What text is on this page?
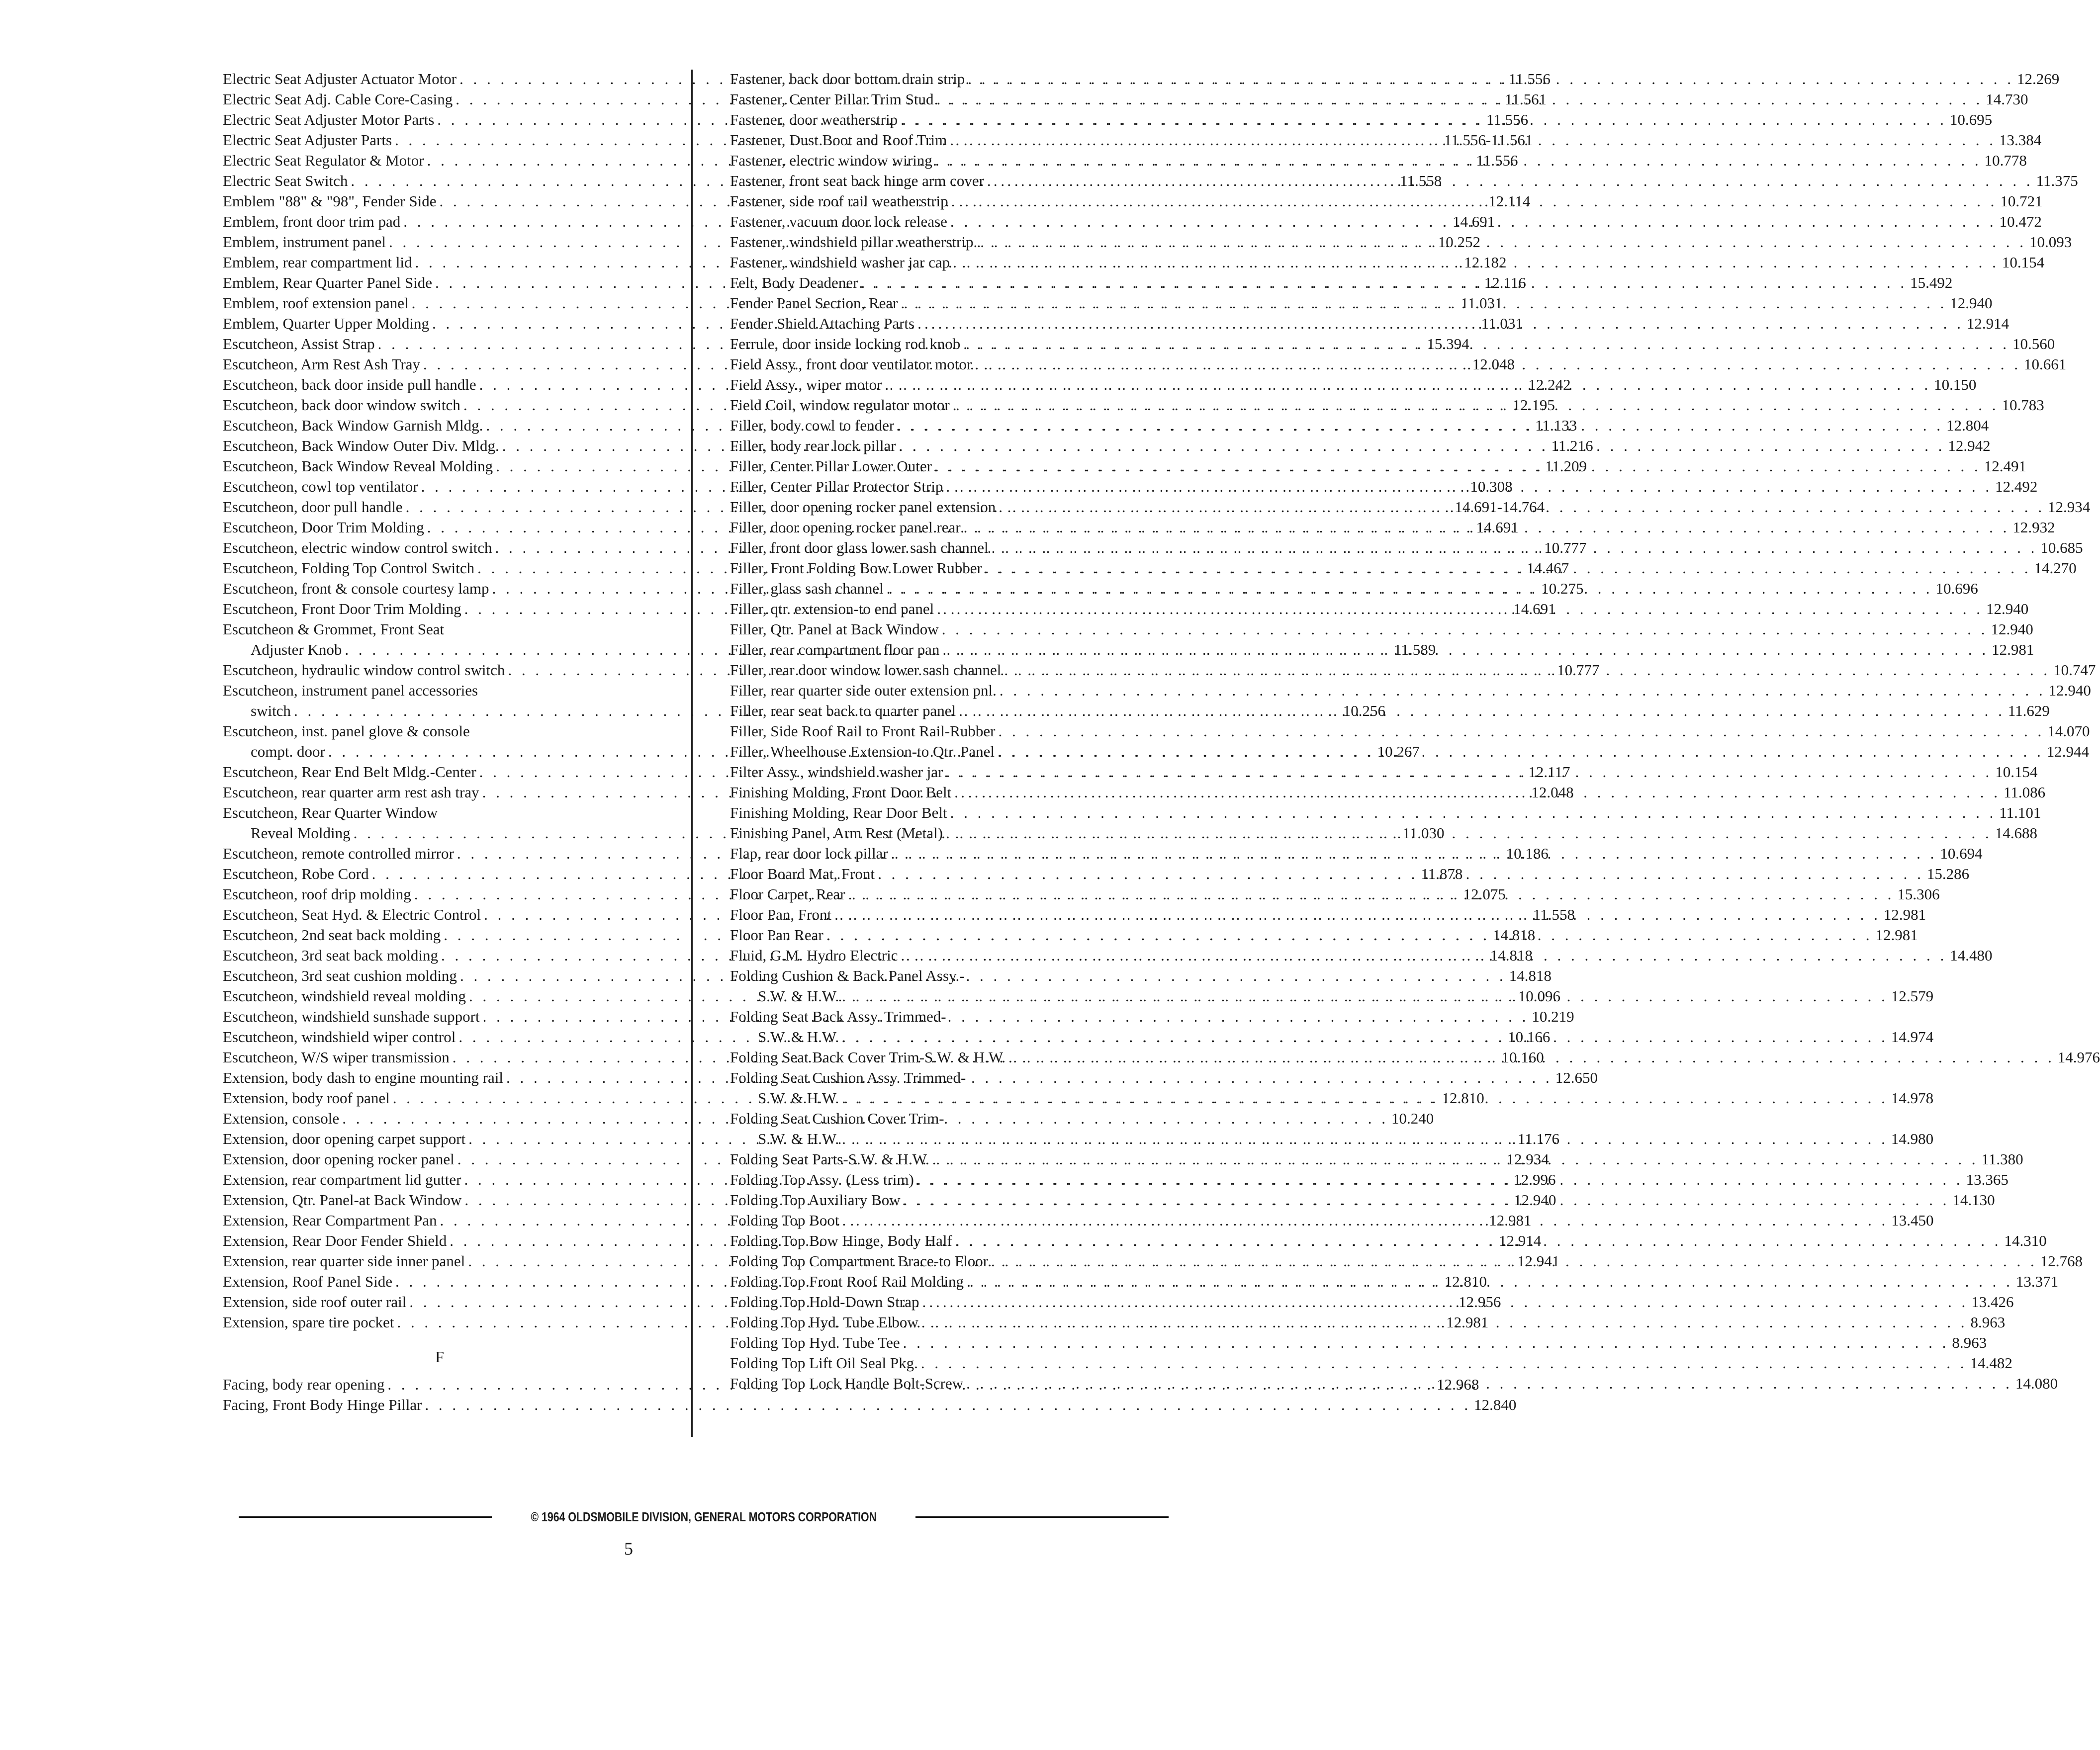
Electric Seat Adjuster Actuator Motor . . .	11.556
Electric Seat Adj. Cable Core-Casing . . .	11.561
Electric Seat Adjuster Motor Parts . . .	11.556
Electric Seat Adjuster Parts . . .	11.556-11.561
Electric Seat Regulator & Motor . . .	11.556
Electric Seat Switch . . .	11.558
Emblem "88" & "98", Fender Side . . .	12.114
Emblem, front door trim pad . . .	14.691
Emblem, instrument panel . . .	10.252
Emblem, rear compartment lid . . .	12.182
Emblem, Rear Quarter Panel Side . . .	12.116
Emblem, roof extension panel . . .	11.031
Emblem, Quarter Upper Molding . . .	11.031
Escutcheon, Assist Strap . . .	15.394
Escutcheon, Arm Rest Ash Tray . . .	12.048
Escutcheon, back door inside pull handle . . .	12.242
Escutcheon, back door window switch . . .	12.195
Escutcheon, Back Window Garnish Mldg. . . .	11.133
Escutcheon, Back Window Outer Div. Mldg. . . .	11.216
Escutcheon, Back Window Reveal Molding . . .	11.209
Escutcheon, cowl top ventilator . . .	10.308
Escutcheon, door pull handle . . .	14.691-14.764
Escutcheon, Door Trim Molding . . .	14.691
Escutcheon, electric window control switch . . .	10.777
Escutcheon, Folding Top Control Switch . . .	14.467
Escutcheon, front & console courtesy lamp . . .	10.275
Escutcheon, Front Door Trim Molding . . .	14.691
Escutcheon & Grommet, Front Seat
Adjuster Knob . . .	11.589
Escutcheon, hydraulic window control switch . . .	10.777
Escutcheon, instrument panel accessories
switch . . .	10.256
Escutcheon, inst. panel glove & console
compt. door . . .	10.267
Escutcheon, Rear End Belt Mldg.-Center . . .	12.117
Escutcheon, rear quarter arm rest ash tray . . .	12.048
Escutcheon, Rear Quarter Window
Reveal Molding . . .	11.030
Escutcheon, remote controlled mirror . . .	10.186
Escutcheon, Robe Cord . . .	11.878
Escutcheon, roof drip molding . . .	12.075
Escutcheon, Seat Hyd. & Electric Control . . .	11.558
Escutcheon, 2nd seat back molding . . .	14.818
Escutcheon, 3rd seat back molding . . .	14.818
Escutcheon, 3rd seat cushion molding . . .	14.818
Escutcheon, windshield reveal molding . . .	10.096
Escutcheon, windshield sunshade support . . .	10.219
Escutcheon, windshield wiper control . . .	10.166
Escutcheon, W/S wiper transmission . . .	10.160
Extension, body dash to engine mounting rail . . .	12.650
Extension, body roof panel . . .	12.810
Extension, console . . .	10.240
Extension, door opening carpet support . . .	11.176
Extension, door opening rocker panel . . .	12.934
Extension, rear compartment lid gutter . . .	12.996
Extension, Qtr. Panel-at Back Window . . .	12.940
Extension, Rear Compartment Pan . . .	12.981
Extension, Rear Door Fender Shield . . .	12.914
Extension, rear quarter side inner panel . . .	12.941
Extension, Roof Panel Side . . .	12.810
Extension, side roof outer rail . . .	12.956
Extension, spare tire pocket . . .	12.981
F
Facing, body rear opening . . .	12.968
Facing, Front Body Hinge Pillar . . .	12.840
Fastener, back door bottom drain strip . . .	12.269
Fastener, Center Pillar Trim Stud . . .	14.730
Fastener, door weatherstrip . . .	10.695
Fastener, Dust Boot and Roof Trim . . .	13.384
Fastener, electric window wiring . . .	10.778
Fastener, front seat back hinge arm cover . . .	11.375
Fastener, side roof rail weatherstrip . . .	10.721
Fastener, vacuum door lock release . . .	10.472
Fastener, windshield pillar weatherstrip. . . .	10.093
Fastener, windshield washer jar cap . . .	10.154
Felt, Body Deadener . . .	15.492
Fender Panel Section, Rear . . .	12.940
Fender Shield Attaching Parts . . .	12.914
Ferrule, door inside locking rod knob . . .	10.560
Field Assy., front door ventilator motor . . .	10.661
Field Assy., wiper motor . . .	10.150
Field Coil, window regulator motor . . .	10.783
Filler, body cowl to fender . . .	12.804
Filler, body rear lock pillar . . .	12.942
Filler, Center Pillar Lower Outer . . .	12.491
Filler, Center Pillar Protector Strip . . .	12.492
Filler, door opening rocker panel extension . . .	12.934
Filler, door opening rocker panel rear . . .	12.932
Filler, front door glass lower sash channel . . .	10.685
Filler, Front Folding Bow Lower Rubber . . .	14.270
Filler, glass sash channel . . .	10.696
Filler, qtr. extension-to end panel . . .	12.940
Filler, Qtr. Panel at Back Window . . .	12.940
Filler, rear compartment floor pan . . .	12.981
Filler, rear door window lower sash channel . . .	10.747
Filler, rear quarter side outer extension pnl. . . .	12.940
Filler, rear seat back to quarter panel . . .	11.629
Filler, Side Roof Rail to Front Rail-Rubber . . .	14.070
Filler, Wheelhouse Extension-to Qtr. Panel . . .	12.944
Filter Assy., windshield washer jar . . .	10.154
Finishing Molding, Front Door Belt . . .	11.086
Finishing Molding, Rear Door Belt . . .	11.101
Finishing Panel, Arm Rest (Metal) . . .	14.688
Flap, rear door lock pillar . . .	10.694
Floor Board Mat, Front . . .	15.286
Floor Carpet, Rear . . .	15.306
Floor Pan, Front . . .	12.981
Floor Pan Rear . . .	12.981
Fluid, G.M. Hydro Electric . . .	14.480
Folding Cushion & Back Panel Assy.-
S.W. & H.W. . . .	12.579
Folding Seat Back Assy. Trimmed-
S.W. & H.W. . . .	14.974
Folding Seat Back Cover Trim-S.W. & H.W. . . .	14.976
Folding Seat Cushion Assy. Trimmed-
S.W. & H.W. . . .	14.978
Folding Seat Cushion Cover Trim-
S.W. & H.W. . . .	14.980
Folding Seat Parts-S.W. & H.W. . . .	11.380
Folding Top Assy. (Less trim) . . .	13.365
Folding Top Auxiliary Bow . . .	14.130
Folding Top Boot . . .	13.450
Folding Top Bow Hinge, Body Half . . .	14.310
Folding Top Compartment Brace-to Floor . . .	12.768
Folding Top Front Roof Rail Molding . . .	13.371
Folding Top Hold-Down Strap . . .	13.426
Folding Top Hyd. Tube Elbow . . .	8.963
Folding Top Hyd. Tube Tee . . .	8.963
Folding Top Lift Oil Seal Pkg. . . .	14.482
Folding Top Lock Handle Bolt-Screw . . .	14.080
© 1964 OLDSMOBILE DIVISION, GENERAL MOTORS CORPORATION
5
